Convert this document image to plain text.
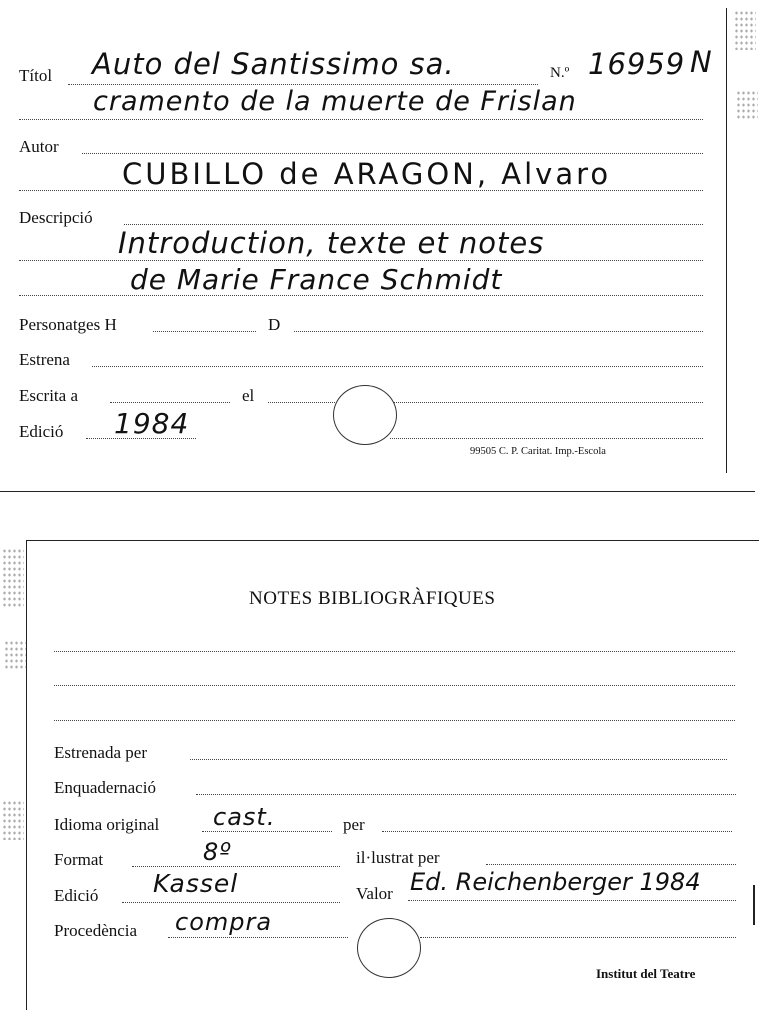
Títol Auto del Santissimo sa.	N.º 16959 N
cramento de la muerte de Frislan
Autor
CUBILLO de ARAGON, Alvaro
Descripció
Introduction, texte et notes
de Marie France Schmidt
Personatges H	D
Estrena
Escrita a	el
Edició 1984
99505 C. P. Caritat. Imp.-Escola
NOTES BIBLIOGRÀFIQUES
Estrenada per
Enquadernació
Idioma original cast.	per
Format	8º	il·lustrat per
Edició Kassel	Valor Ed. Reichenberger 1984
Procedència compra
Institut del Teatre
